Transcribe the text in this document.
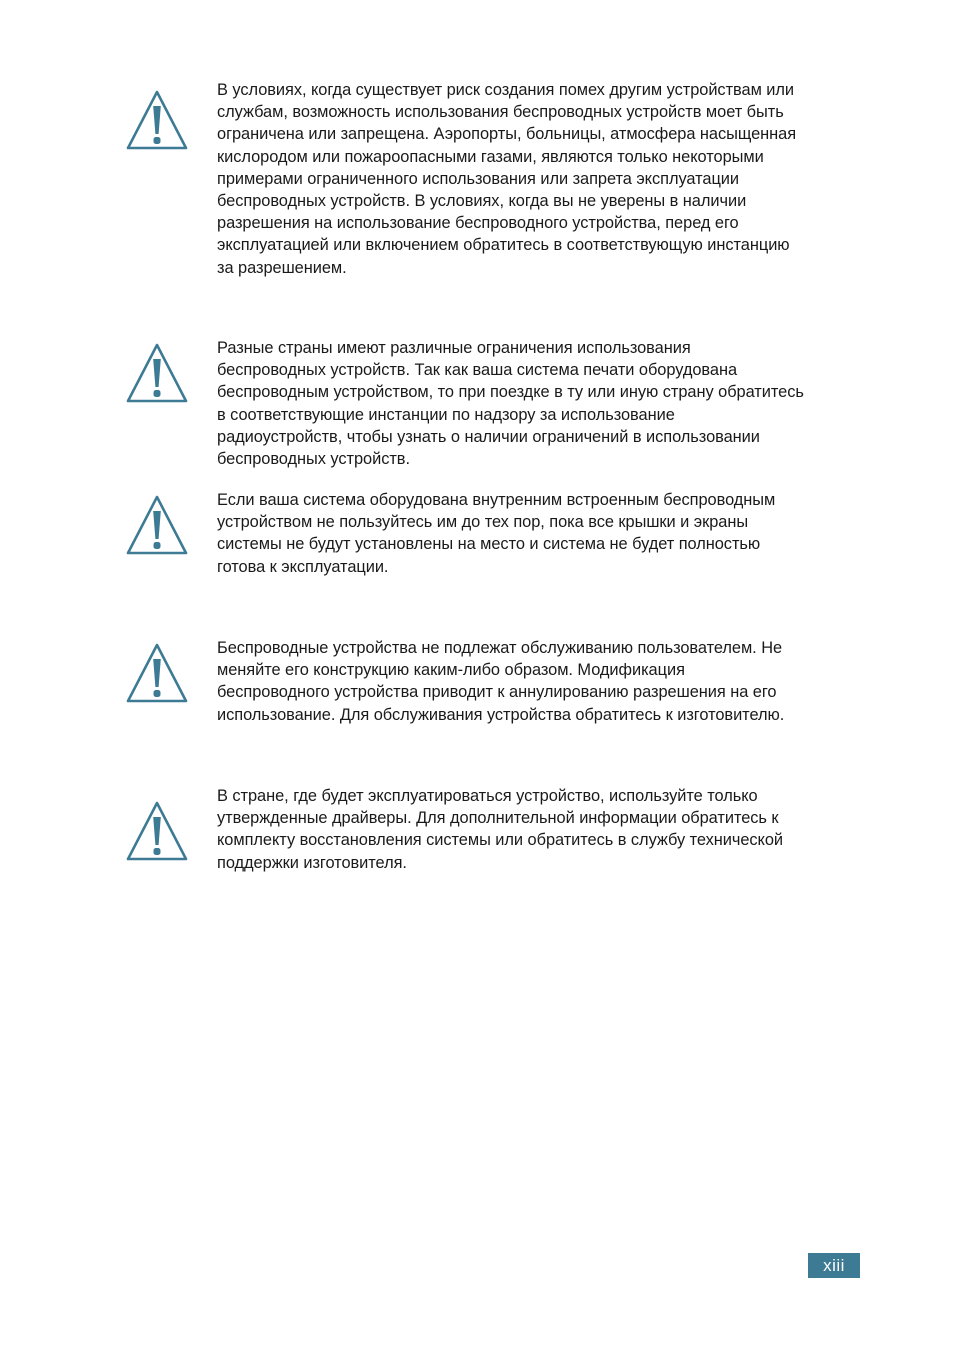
В условиях, когда существует риск создания помех другим устройствам или
службам, возможность использования беспроводных устройств моет быть
ограничена или запрещена. Аэропорты, больницы, атмосфера насыщенная
кислородом или пожароопасными газами, являются только некоторыми
примерами ограниченного использования или запрета эксплуатации
беспроводных устройств. В условиях, когда вы не уверены в наличии
разрешения на использование беспроводного устройства, перед его
эксплуатацией или включением обратитесь в соответствующую инстанцию
за разрешением.

Разные страны имеют различные ограничения использования
беспроводных устройств. Так как ваша система печати оборудована
беспроводным устройством, то при поездке в ту или иную страну обратитесь
в соответствующие инстанции по надзору за использование
радиоустройств, чтобы узнать о наличии ограничений в использовании
беспроводных устройств.

Если ваша система оборудована внутренним встроенным беспроводным
устройством не пользуйтесь им до тех пор, пока все крышки и экраны
системы не будут установлены на место и система не будет полностью
готова к эксплуатации.

Беспроводные устройства не подлежат обслуживанию пользователем. Не
меняйте его конструкцию каким-либо образом. Модификация
беспроводного устройства приводит к аннулированию разрешения на его
использование. Для обслуживания устройства обратитесь к изготовителю.

В стране, где будет эксплуатироваться устройство, используйте только
утвержденные драйверы. Для дополнительной информации обратитесь к
комплекту восстановления системы или обратитесь в службу технической
поддержки изготовителя.

xiii
